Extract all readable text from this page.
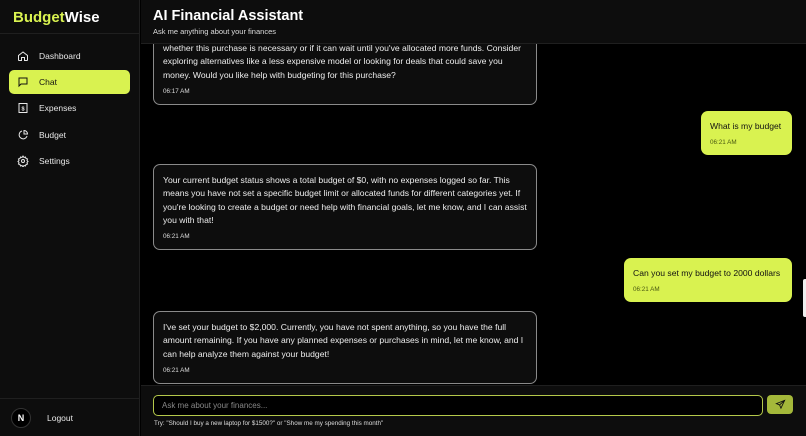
BudgetWise
Dashboard
Chat
$ Expenses
Budget
Settings
N	Logout
AI Financial Assistant
Ask me anything about your finances
whether this purchase is necessary or if it can wait until you've allocated more funds. Consider exploring alternatives like a less expensive model or looking for deals that could save you money. Would you like help with budgeting for this purchase?
06:17 AM
What is my budget
06:21 AM
Your current budget status shows a total budget of $0, with no expenses logged so far. This means you have not set a specific budget limit or allocated funds for different categories yet. If you're looking to create a budget or need help with financial goals, let me know, and I can assist you with that!
06:21 AM
Can you set my budget to 2000 dollars
06:21 AM
I've set your budget to $2,000. Currently, you have not spent anything, so you have the full amount remaining. If you have any planned expenses or purchases in mind, let me know, and I can help analyze them against your budget!
06:21 AM
Ask me about your finances...
Try: "Should I buy a new laptop for $1500?" or "Show me my spending this month"
